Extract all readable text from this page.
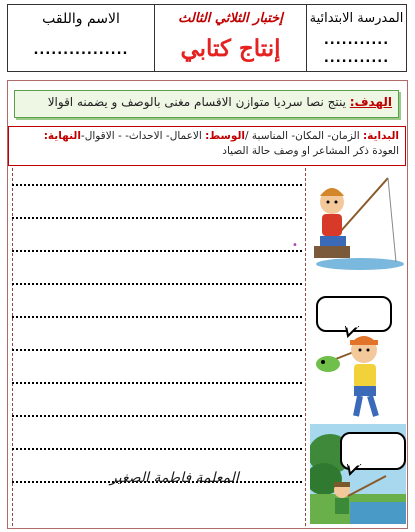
المدرسة الابتدائية
...........
...........
إختبار الثلاثي الثالث
إنتاج كتابي
الاسم واللقب
................
الهدف: ينتج نصا سرديا متوازن الاقسام مغنى بالوصف و يضمنه اقوالا
البداية: الزمان- المكان- المناسبة /الوسط: الاعمال- الاحداث- - الاقوال-النهاية: العودة ذكر المشاعر او وصف حالة الصياد
•
المعلمة فاطمة الصغير
